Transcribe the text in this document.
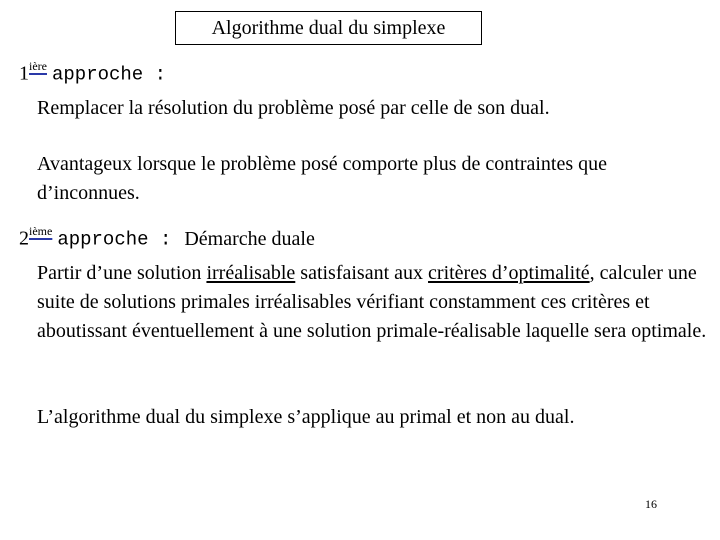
Algorithme dual du simplexe
$1^{ière}$ approche :

Remplacer la résolution du problème posé par celle de son dual.

Avantageux lorsque le problème posé comporte plus de contraintes que d’inconnues.

2ième approche : Démarche duale

Partir d’une solution irréalisable satisfaisant aux critères d’optimalité, calculer une suite de solutions primales irréalisables vérifiant constamment ces critères et aboutissant éventuellement à une solution primale-réalisable laquelle sera optimale.

L’algorithme dual du simplexe s’applique au primal et non au dual.

16
